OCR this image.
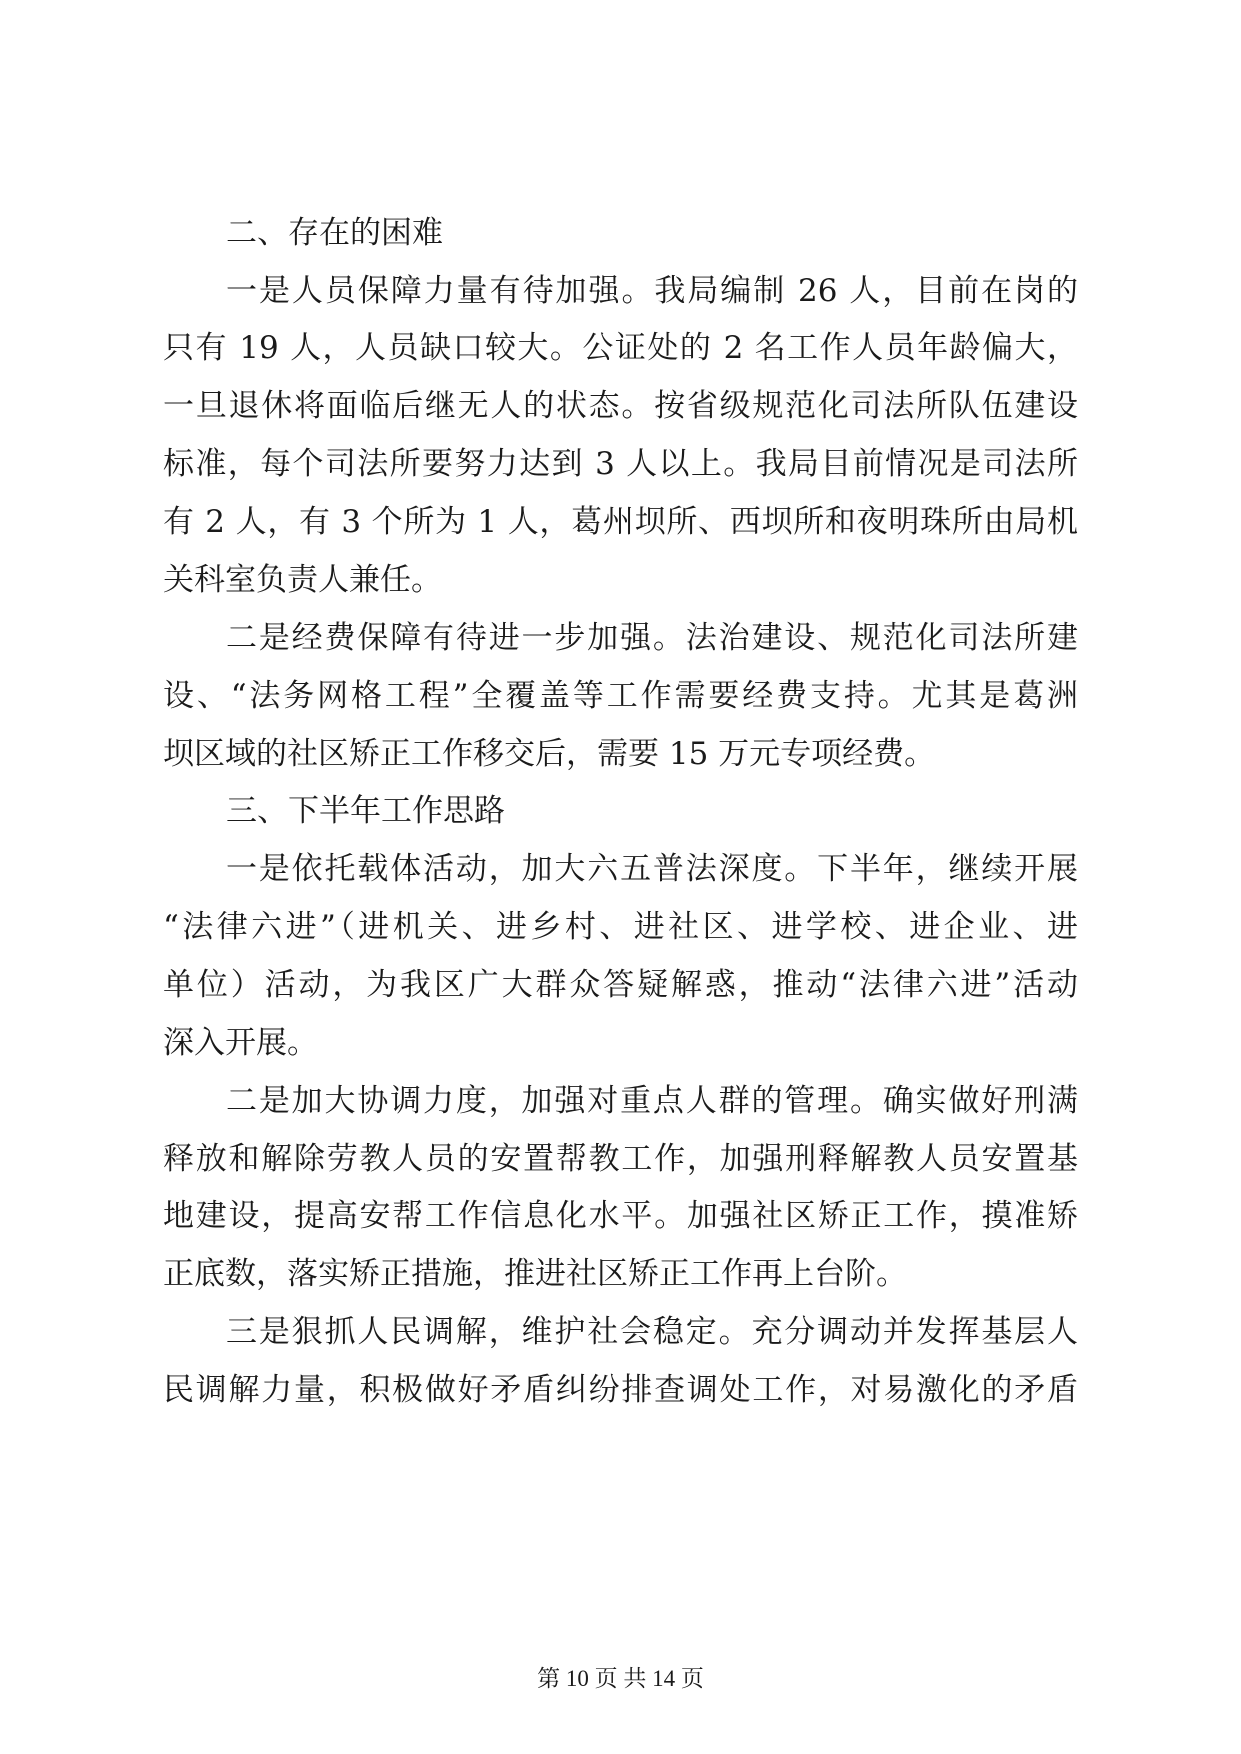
二、存在的困难
一是人员保障力量有待加强。我局编制 26 人，目前在岗的
只有 19 人，人员缺口较大。公证处的 2 名工作人员年龄偏大，
一旦退休将面临后继无人的状态。按省级规范化司法所队伍建设
标准，每个司法所要努力达到 3 人以上。我局目前情况是司法所
有 2 人，有 3 个所为 1 人，葛州坝所、西坝所和夜明珠所由局机
关科室负责人兼任。
二是经费保障有待进一步加强。法治建设、规范化司法所建
设、“法务网格工程”全覆盖等工作需要经费支持。尤其是葛洲
坝区域的社区矫正工作移交后，需要 15 万元专项经费。
三、下半年工作思路
一是依托载体活动，加大六五普法深度。下半年，继续开展
“法律六进”（进机关、进乡村、进社区、进学校、进企业、进
单位）活动，为我区广大群众答疑解惑，推动“法律六进”活动
深入开展。
二是加大协调力度，加强对重点人群的管理。确实做好刑满
释放和解除劳教人员的安置帮教工作，加强刑释解教人员安置基
地建设，提高安帮工作信息化水平。加强社区矫正工作，摸准矫
正底数，落实矫正措施，推进社区矫正工作再上台阶。
三是狠抓人民调解，维护社会稳定。充分调动并发挥基层人
民调解力量，积极做好矛盾纠纷排查调处工作，对易激化的矛盾
第 10 页 共 14 页
